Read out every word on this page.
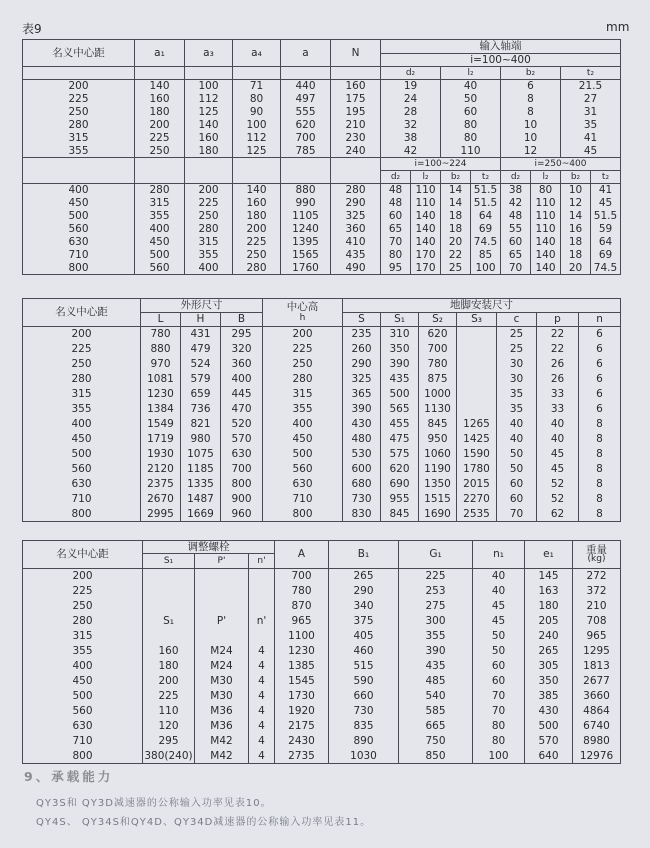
表9	mm
名义中心距	a₁	a₃	a₄	a	N	输入轴端							
						i=100~400							
						d₂		l₂		b₂		t₂	
200	140	100	71	440	160	19		40		6		21.5	
225	160	112	80	497	175	24		50		8		27	
250	180	125	90	555	195	28		60		8		31	
280	200	140	100	620	210	32		80		10		35	
315	225	160	112	700	230	38		80		10		41	
355	250	180	125	785	240	42		110		12		45	
						i=100~224				i=250~400			
						d₂	l₂	b₂	t₂	d₂	l₂	b₂	t₂
400	280	200	140	880	280	48	110	14	51.5	38	80	10	41
450	315	225	160	990	290	48	110	14	51.5	42	110	12	45
500	355	250	180	1105	325	60	140	18	64	48	110	14	51.5
560	400	280	200	1240	360	65	140	18	69	55	110	16	59
630	450	315	225	1395	410	70	140	20	74.5	60	140	18	64
710	500	355	250	1565	435	80	170	22	85	65	140	18	69
800	560	400	280	1760	490	95	170	25	100	70	140	20	74.5
名义中心距	外形尺寸			中心高
h	地脚安装尺寸						
	L	H	B		S	S₁	S₂	S₃	c	p	n
200	780	431	295	200	235	310	620		25	22	6
225	880	479	320	225	260	350	700		25	22	6
250	970	524	360	250	290	390	780		30	26	6
280	1081	579	400	280	325	435	875		30	26	6
315	1230	659	445	315	365	500	1000		35	33	6
355	1384	736	470	355	390	565	1130		35	33	6
400	1549	821	520	400	430	455	845	1265	40	40	8
450	1719	980	570	450	480	475	950	1425	40	40	8
500	1930	1075	630	500	530	575	1060	1590	50	45	8
560	2120	1185	700	560	600	620	1190	1780	50	45	8
630	2375	1335	800	630	680	690	1350	2015	60	52	8
710	2670	1487	900	710	730	955	1515	2270	60	52	8
800	2995	1669	960	800	830	845	1690	2535	70	62	8
名义中心距	调整螺栓			A	B₁	G₁	n₁	e₁	重量
(kg)

	S₁	P'	n'						
200				700	265	225	40	145	272
225				780	290	253	40	163	372
250				870	340	275	45	180	210
280	S₁	P'	n'	965	375	300	45	205	708
315				1100	405	355	50	240	965
355	160	M24	4	1230	460	390	50	265	1295
400	180	M24	4	1385	515	435	60	305	1813
450	200	M30	4	1545	590	485	60	350	2677
500	225	M30	4	1730	660	540	70	385	3660
560	110	M36	4	1920	730	585	70	430	4864
630	120	M36	4	2175	835	665	80	500	6740
710	295	M42	4	2430	890	750	80	570	8980
800	380(240)	M42	4	2735	1030	850	100	640	12976
9、承载能力
QY3S和 QY3D减速器的公称输入功率见表10。
QY4S、 QY34S和QY4D、QY34D减速器的公称输入功率见表11。
